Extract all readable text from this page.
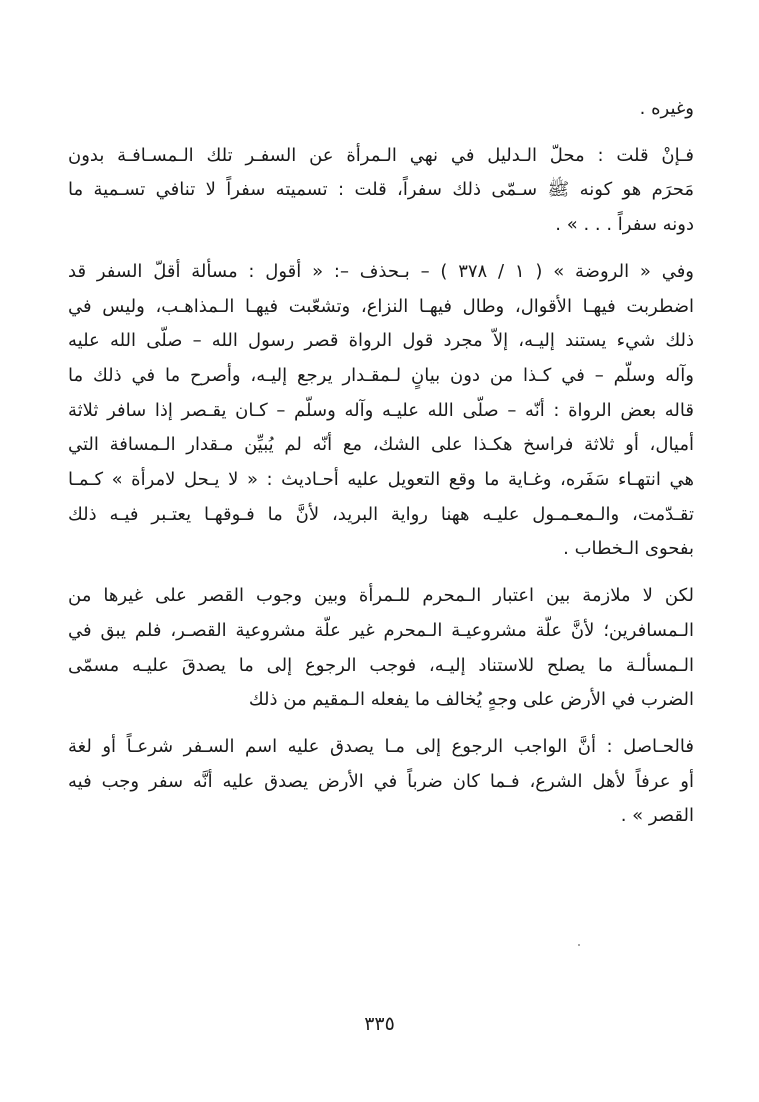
وغيره .
فـإنْ قلت : محلّ الـدليل في نهي الـمرأة عن السفـر تلك الـمسـافـة بدون
مَحرَم هو كونه ﷺ سـمّى ذلك سفراً، قلت : تسميته سفراً لا تنافي تسـمية ما
دونه سفراً . . . » .
وفي « الروضة » ( ١ / ٣٧٨ ) – بـحذف –: « أقول : مسألة أقلّ السفر قد
اضطربت فيهـا الأقوال، وطال فيهـا النزاع، وتشعّبت فيهـا الـمذاهـب، وليس في
ذلك شيء يستند إليـه، إلاّ مجرد قول الرواة قصر رسول الله – صلّى الله عليه
وآله وسلّم – في كـذا من دون بيانٍ لـمقـدار يرجع إليـه، وأصرح ما في ذلك ما
قاله بعض الرواة : أنّه – صلّى الله عليـه وآله وسلّم – كـان يقـصر إذا سافر ثلاثة
أميال، أو ثلاثة فراسخ هكـذا على الشك، مع أنّه لم يُبيِّن مـقدار الـمسافة التي
هي انتهـاء سَفَره، وغـاية ما وقع التعويل عليه أحـاديث : « لا يـحل لامرأة » كـمـا
تقـدّمت، والـمعـمـول عليـه ههنا رواية البريد، لأنَّ ما فـوقهـا يعتـبر فيـه ذلك
بفحوى الـخطاب .
لكن لا ملازمة بين اعتبار الـمحرم للـمرأة وبين وجوب القصر على غيرها من
الـمسافرين؛ لأنَّ علّة مشروعيـة الـمحرم غير علّة مشروعية القصـر، فلم يبق في
الـمسألـة ما يصلح للاستناد إليـه، فوجب الرجوع إلى ما يصدقَ عليـه مسمّى
الضرب في الأرض على وجهٍ يُخالف ما يفعله الـمقيم من ذلك
فالحـاصل : أنَّ الواجب الرجوع إلى مـا يصدق عليه اسم السـفر شرعـاً أو لغة
أو عرفاً لأهل الشرع، فـما كان ضرباً في الأرض يصدق عليه أنَّه سفر وجب فيه
القصر » .
٣٣٥
